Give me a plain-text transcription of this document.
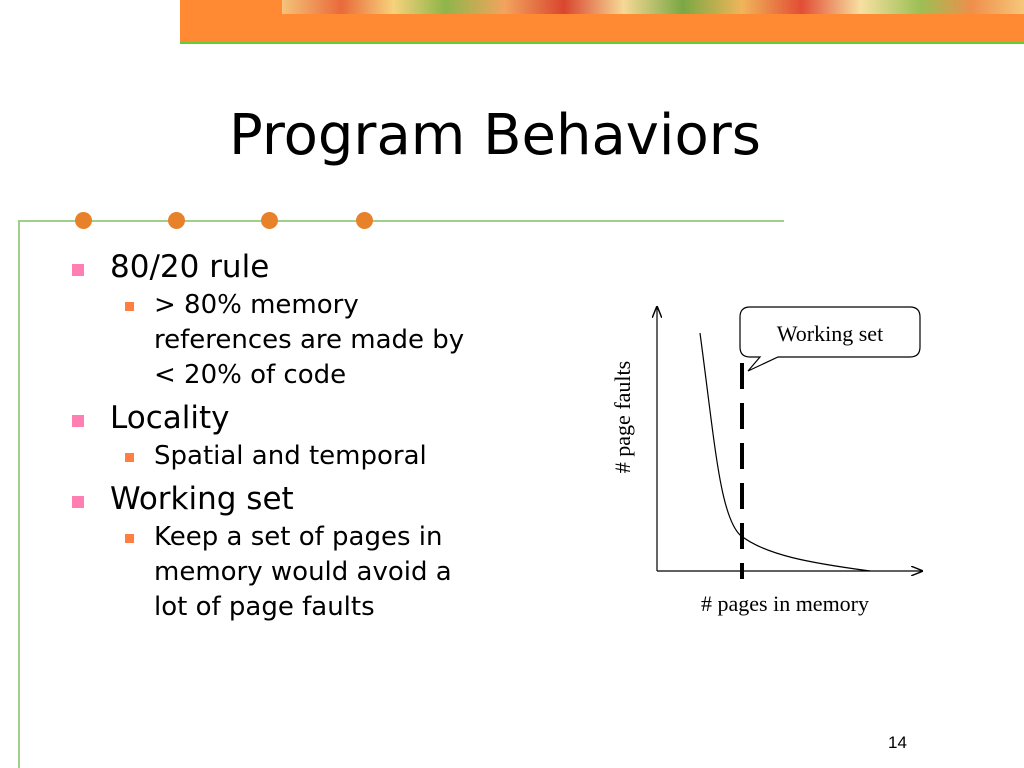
Program Behaviors
80/20 rule
> 80% memory references are made by < 20% of code
Locality
Spatial and temporal
Working set
Keep a set of pages in memory would avoid a lot of page faults
Working set
# page faults
# pages in memory
14
